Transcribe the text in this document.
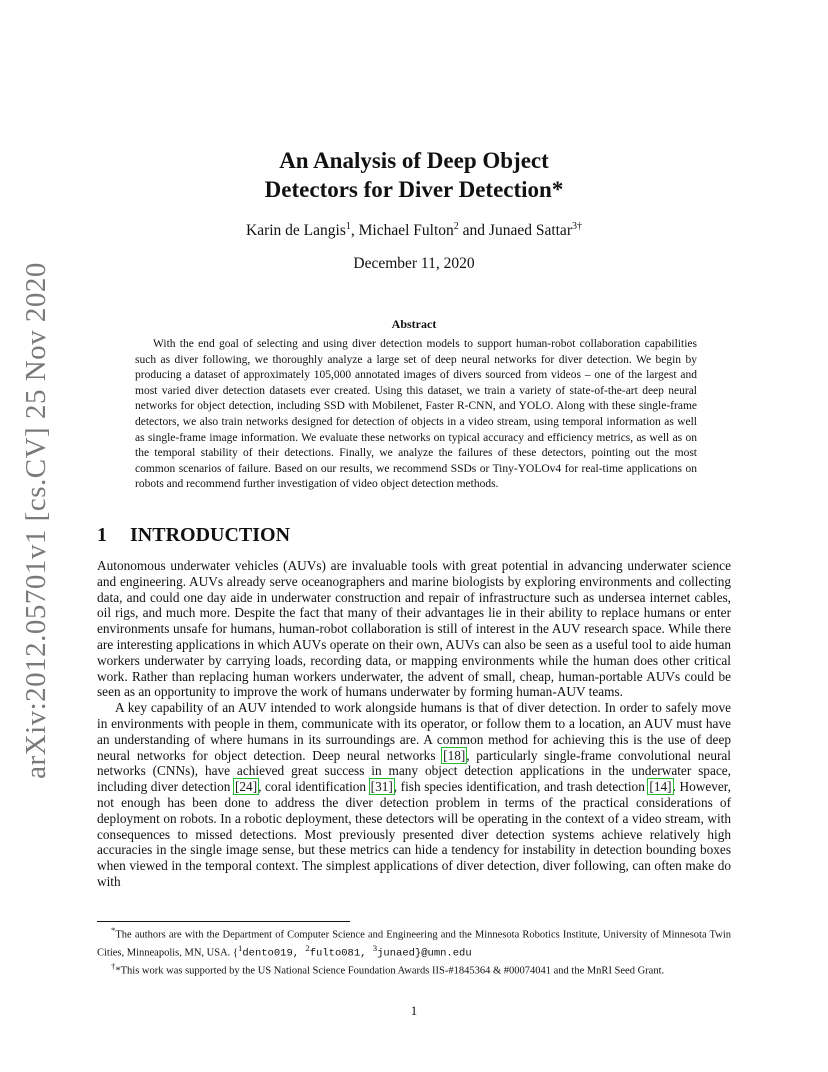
arXiv:2012.05701v1 [cs.CV] 25 Nov 2020
An Analysis of Deep Object
Detectors for Diver Detection*
Karin de Langis$^1$, Michael Fulton$^2$ and Junaed Sattar$^{3\dagger}$
December 11, 2020
Abstract

With the end goal of selecting and using diver detection models to support human-robot collaboration capabilities such as diver following, we thoroughly analyze a large set of deep neural networks for diver detection. We begin by producing a dataset of approximately 105,000 annotated images of divers sourced from videos – one of the largest and most varied diver detection datasets ever created. Using this dataset, we train a variety of state-of-the-art deep neural networks for object detection, including SSD with Mobilenet, Faster R-CNN, and YOLO. Along with these single-frame detectors, we also train networks designed for detection of objects in a video stream, using temporal information as well as single-frame image information. We evaluate these networks on typical accuracy and efficiency metrics, as well as on the temporal stability of their detections. Finally, we analyze the failures of these detectors, pointing out the most common scenarios of failure. Based on our results, we recommend SSDs or Tiny-YOLOv4 for real-time applications on robots and recommend further investigation of video object detection methods.

1 INTRODUCTION

Autonomous underwater vehicles (AUVs) are invaluable tools with great potential in advancing underwater science and engineering. AUVs already serve oceanographers and marine biologists by exploring environments and collecting data, and could one day aide in underwater construction and repair of infrastructure such as undersea internet cables, oil rigs, and much more. Despite the fact that many of their advantages lie in their ability to replace humans or enter environments unsafe for humans, human-robot collaboration is still of interest in the AUV research space. While there are interesting applications in which AUVs operate on their own, AUVs can also be seen as a useful tool to aide human workers underwater by carrying loads, recording data, or mapping environments while the human does other critical work. Rather than replacing human workers underwater, the advent of small, cheap, human-portable AUVs could be seen as an opportunity to improve the work of humans underwater by forming human-AUV teams.

A key capability of an AUV intended to work alongside humans is that of diver detection. In order to safely move in environments with people in them, communicate with its operator, or follow them to a location, an AUV must have an understanding of where humans in its surroundings are. A common method for achieving this is the use of deep neural networks for object detection. Deep neural networks [18], particularly single-frame convolutional neural networks (CNNs), have achieved great success in many object detection applications in the underwater space, including diver detection [24], coral identification [31], fish species identification, and trash detection [14]. However, not enough has been done to address the diver detection problem in terms of the practical considerations of deployment on robots. In a robotic deployment, these detectors will be operating in the context of a video stream, with consequences to missed detections. Most previously presented diver detection systems achieve relatively high accuracies in the single image sense, but these metrics can hide a tendency for instability in detection bounding boxes when viewed in the temporal context. The simplest applications of diver detection, diver following, can often make do with

*The authors are with the Department of Computer Science and Engineering and the Minnesota Robotics Institute, University of Minnesota Twin Cities, Minneapolis, MN, USA. {$^1$dento019, $^2$fulto081, $^3$junaed}@umn.edu

†*This work was supported by the US National Science Foundation Awards IIS-#1845364 & #00074041 and the MnRI Seed Grant.

1
